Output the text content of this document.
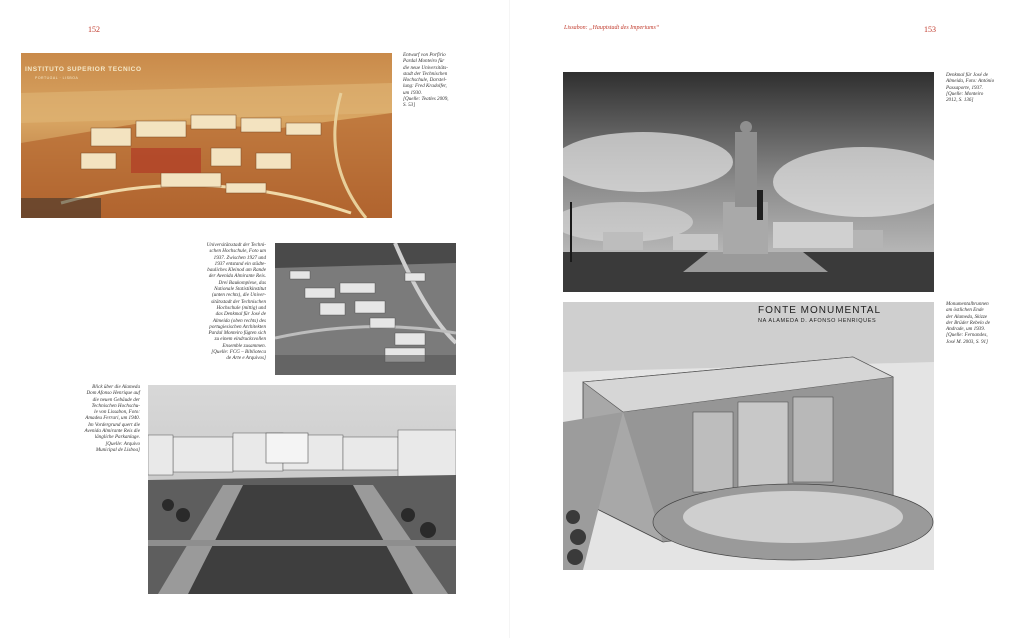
152
INSTITUTO SUPERIOR TECNICO
PORTUGAL · LISBOA

Entwurf von Porfírio

Pardal Monteiro für

die neue Universitäts-

stadt der Technischen

Hochschule, Darstel-

lung: Fred Kradolfer,

um 1930.

[Quelle: Teatles 2009,

S. 53]

Universitätsstadt der Techni-

schen Hochschule, Foto um

1937. Zwischen 1927 und

1937 entstand ein städte-

bauliches Kleinod am Rande

der Avenida Almirante Reis.

Drei Baukomplexe, das

Nationale Statistikinstitut

(unten rechts), die Univer-

sitätsstadt der Technischen

Hochschule (mittig) und

das Denkmal für José de

Almeida (oben rechts) des

portugiesischen Architekten

Pardal Monteiro fügten sich

zu einem eindrucksvollen

Ensemble zusammen.

[Quelle: FCG – Biblioteca

de Arte e Arquivos]

Blick über die Alameda

Dom Afonso Henrique auf

die neuen Gebäude der

Technischen Hochschu-

le von Lissabon, Foto:

Amadeu Ferrari, um 1940.

Im Vordergrund quert die

Avenida Almirante Reis die

längliche Parkanlage.

[Quelle: Arquivo

Municipal de Lisboa]

Lissabon: „Hauptstadt des Imperiums“	153

Denkmal für José de

Almeida, Foto: António

Passaporte, 1937.

[Quelle: Monteiro

2012, S. 136]

FONTE MONUMENTAL
NA ALAMEDA D. AFONSO HENRIQUES

Monumentalbrunnen

am östlichen Ende

der Alameda, Skizze

der Brüder Rebelo de

Andrade, um 1939.

[Quelle: Fernandes,

José M. 2003, S. 91]
